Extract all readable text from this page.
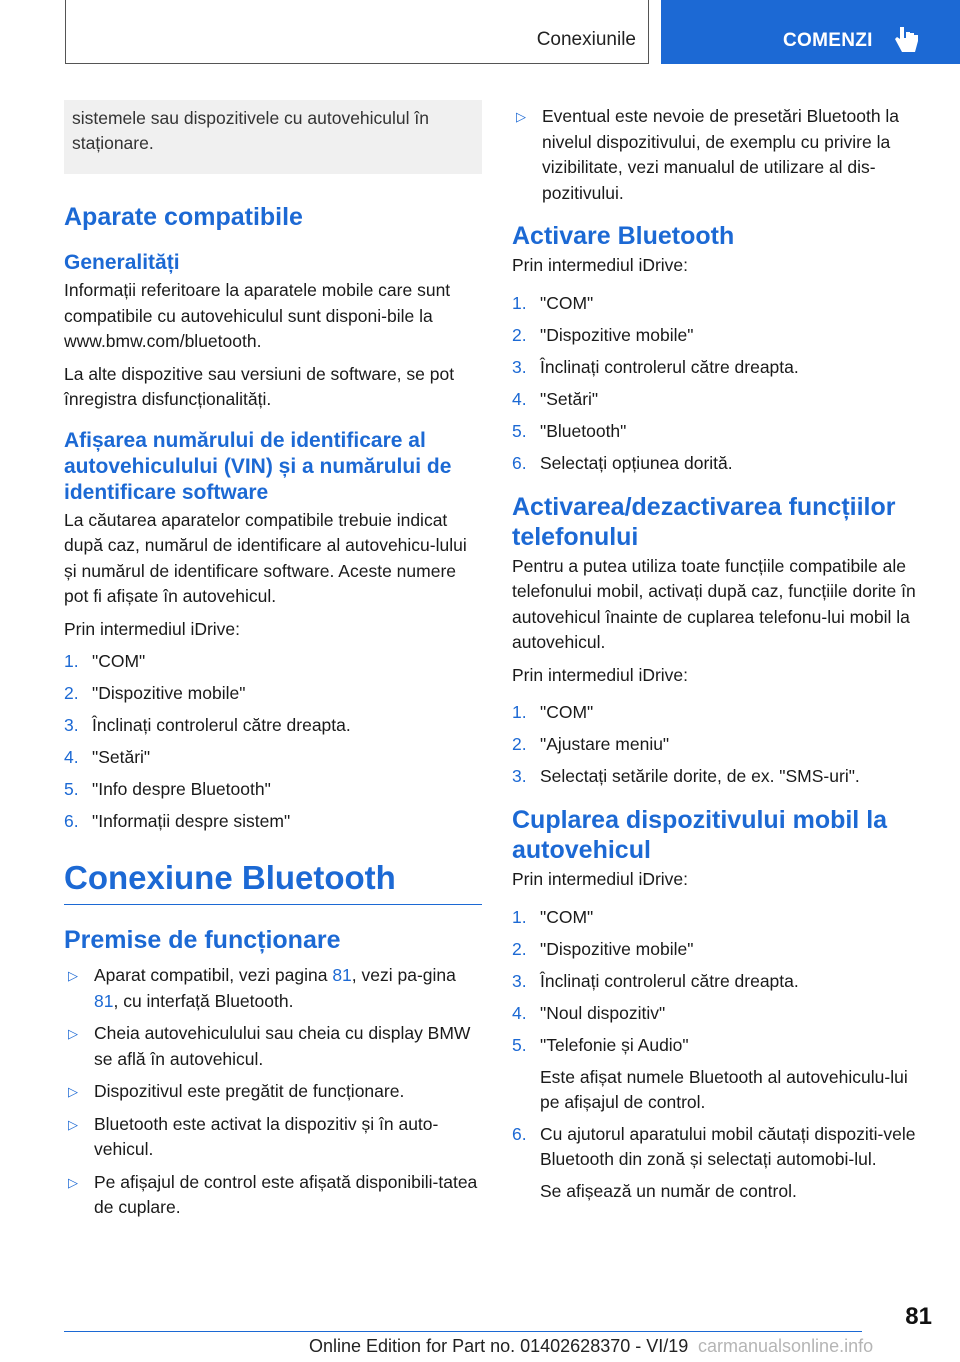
Conexiunile	COMENZI
sistemele sau dispozitivele cu autovehiculul în staționare.
Aparate compatibile
Generalități
Informații referitoare la aparatele mobile care sunt compatibile cu autovehiculul sunt disponi-bile la www.bmw.com/bluetooth.
La alte dispozitive sau versiuni de software, se pot înregistra disfuncționalități.
Afișarea numărului de identificare al autovehiculului (VIN) și a numărului de identificare software
La căutarea aparatelor compatibile trebuie indicat după caz, numărul de identificare al autovehicu-lului și numărul de identificare software. Aceste numere pot fi afișate în autovehicul.
Prin intermediul iDrive:
1. "COM"
2. "Dispozitive mobile"
3. Înclinați controlerul către dreapta.
4. "Setări"
5. "Info despre Bluetooth"
6. "Informații despre sistem"
Conexiune Bluetooth
Premise de funcționare
▷ Aparat compatibil, vezi pagina 81, vezi pa-gina 81, cu interfață Bluetooth.
▷ Cheia autovehiculului sau cheia cu display BMW se află în autovehicul.
▷ Dispozitivul este pregătit de funcționare.
▷ Bluetooth este activat la dispozitiv și în auto-vehicul.
▷ Pe afișajul de control este afișată disponibili-tatea de cuplare.
▷ Eventual este nevoie de presetări Bluetooth la nivelul dispozitivului, de exemplu cu privire la vizibilitate, vezi manualul de utilizare al dis-pozitivului.
Activare Bluetooth
Prin intermediul iDrive:
1. "COM"
2. "Dispozitive mobile"
3. Înclinați controlerul către dreapta.
4. "Setări"
5. "Bluetooth"
6. Selectați opțiunea dorită.
Activarea/dezactivarea funcțiilor telefonului
Pentru a putea utiliza toate funcțiile compatibile ale telefonului mobil, activați după caz, funcțiile dorite în autovehicul înainte de cuplarea telefonu-lui mobil la autovehicul.
Prin intermediul iDrive:
1. "COM"
2. "Ajustare meniu"
3. Selectați setările dorite, de ex. "SMS-uri".
Cuplarea dispozitivului mobil la autovehicul
Prin intermediul iDrive:
1. "COM"
2. "Dispozitive mobile"
3. Înclinați controlerul către dreapta.
4. "Noul dispozitiv"
5. "Telefonie și Audio"
Este afișat numele Bluetooth al autovehiculu-lui pe afișajul de control.
6. Cu ajutorul aparatului mobil căutați dispoziti-vele Bluetooth din zonă și selectați automobi-lul.
Se afișează un număr de control.
81
Online Edition for Part no. 01402628370 - VI/19 carmanualsonline.info
